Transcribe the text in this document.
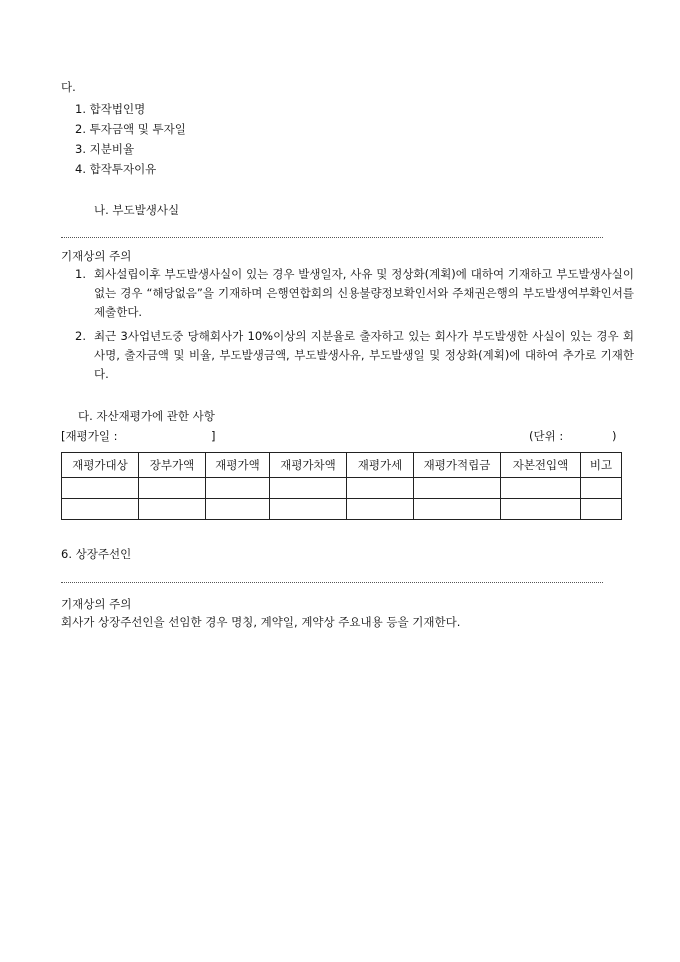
다.
1. 합작법인명
2. 투자금액 및 투자일
3. 지분비율
4. 합작투자이유
나. 부도발생사실
기재상의 주의
1. 회사설립이후 부도발생사실이 있는 경우 발생일자, 사유 및 정상화(계획)에 대하여 기재하고 부도발생사실이 없는 경우 “해당없음”을 기재하며 은행연합회의 신용불량정보확인서와 주채권은행의 부도발생여부확인서를 제출한다.
2. 최근 3사업년도중 당해회사가 10%이상의 지분율로 출자하고 있는 회사가 부도발생한 사실이 있는 경우 회사명, 출자금액 및 비율, 부도발생금액, 부도발생사유, 부도발생일 및 정상화(계획)에 대하여 추가로 기재한다.
다. 자산재평가에 관한 사항
[재평가일 :	]	(단위 :	)
재평가대상	장부가액	재평가액	재평가차액	재평가세	재평가적립금	자본전입액	비고

6. 상장주선인
기재상의 주의
회사가 상장주선인을 선임한 경우 명칭, 계약일, 계약상 주요내용 등을 기재한다.
